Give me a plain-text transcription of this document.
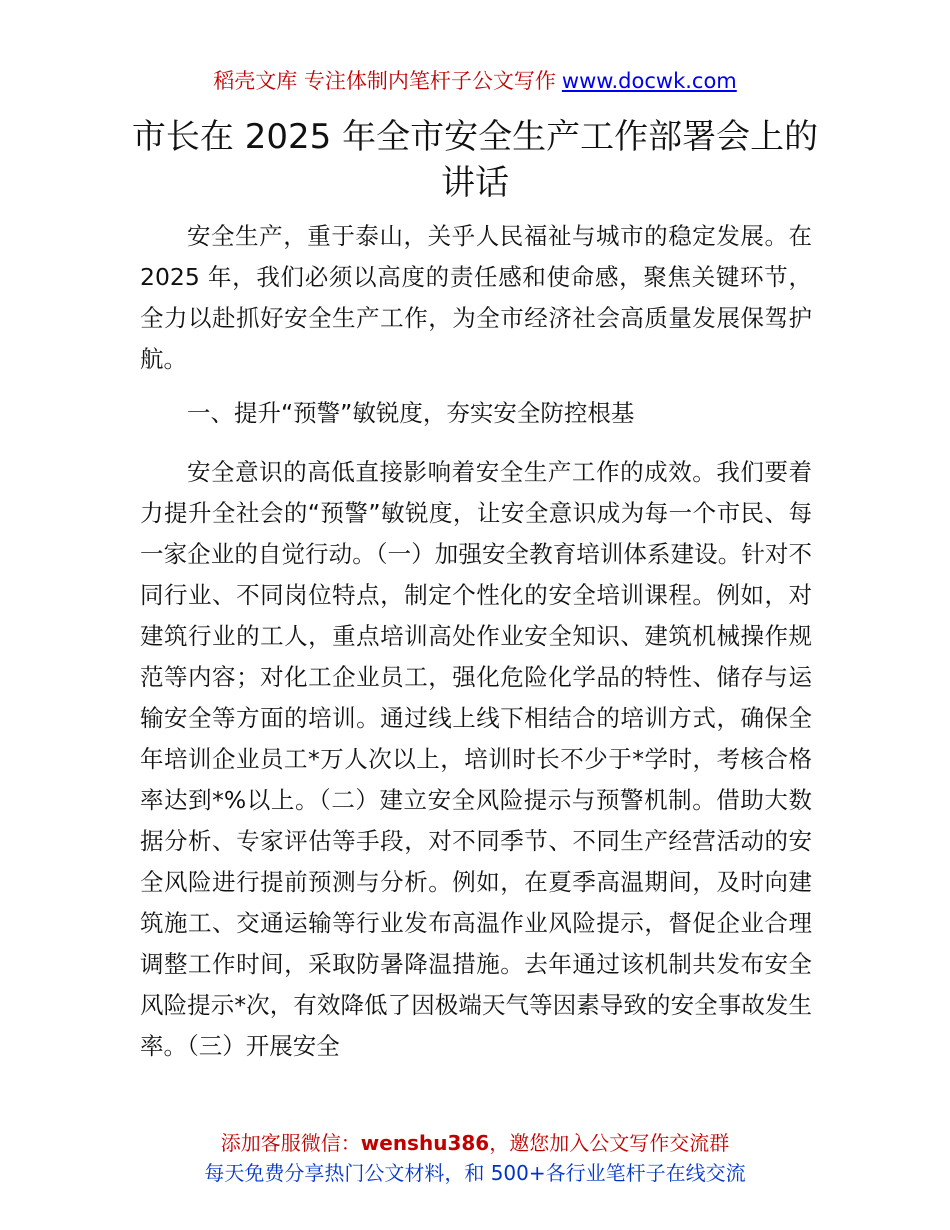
稻壳文库 专注体制内笔杆子公文写作 www.docwk.com
市长在 2025 年全市安全生产工作部署会上的讲话

安全生产，重于泰山，关乎人民福祉与城市的稳定发展。在 2025 年，我们必须以高度的责任感和使命感，聚焦关键环节，全力以赴抓好安全生产工作，为全市经济社会高质量发展保驾护航。

一、提升“预警”敏锐度，夯实安全防控根基

安全意识的高低直接影响着安全生产工作的成效。我们要着力提升全社会的“预警”敏锐度，让安全意识成为每一个市民、每一家企业的自觉行动。（一）加强安全教育培训体系建设。针对不同行业、不同岗位特点，制定个性化的安全培训课程。例如，对建筑行业的工人，重点培训高处作业安全知识、建筑机械操作规范等内容；对化工企业员工，强化危险化学品的特性、储存与运输安全等方面的培训。通过线上线下相结合的培训方式，确保全年培训企业员工*万人次以上，培训时长不少于*学时，考核合格率达到*%以上。（二）建立安全风险提示与预警机制。借助大数据分析、专家评估等手段，对不同季节、不同生产经营活动的安全风险进行提前预测与分析。例如，在夏季高温期间，及时向建筑施工、交通运输等行业发布高温作业风险提示，督促企业合理调整工作时间，采取防暑降温措施。去年通过该机制共发布安全风险提示*次，有效降低了因极端天气等因素导致的安全事故发生率。（三）开展安全

添加客服微信：wenshu386，邀您加入公文写作交流群
每天免费分享热门公文材料，和 500+各行业笔杆子在线交流
